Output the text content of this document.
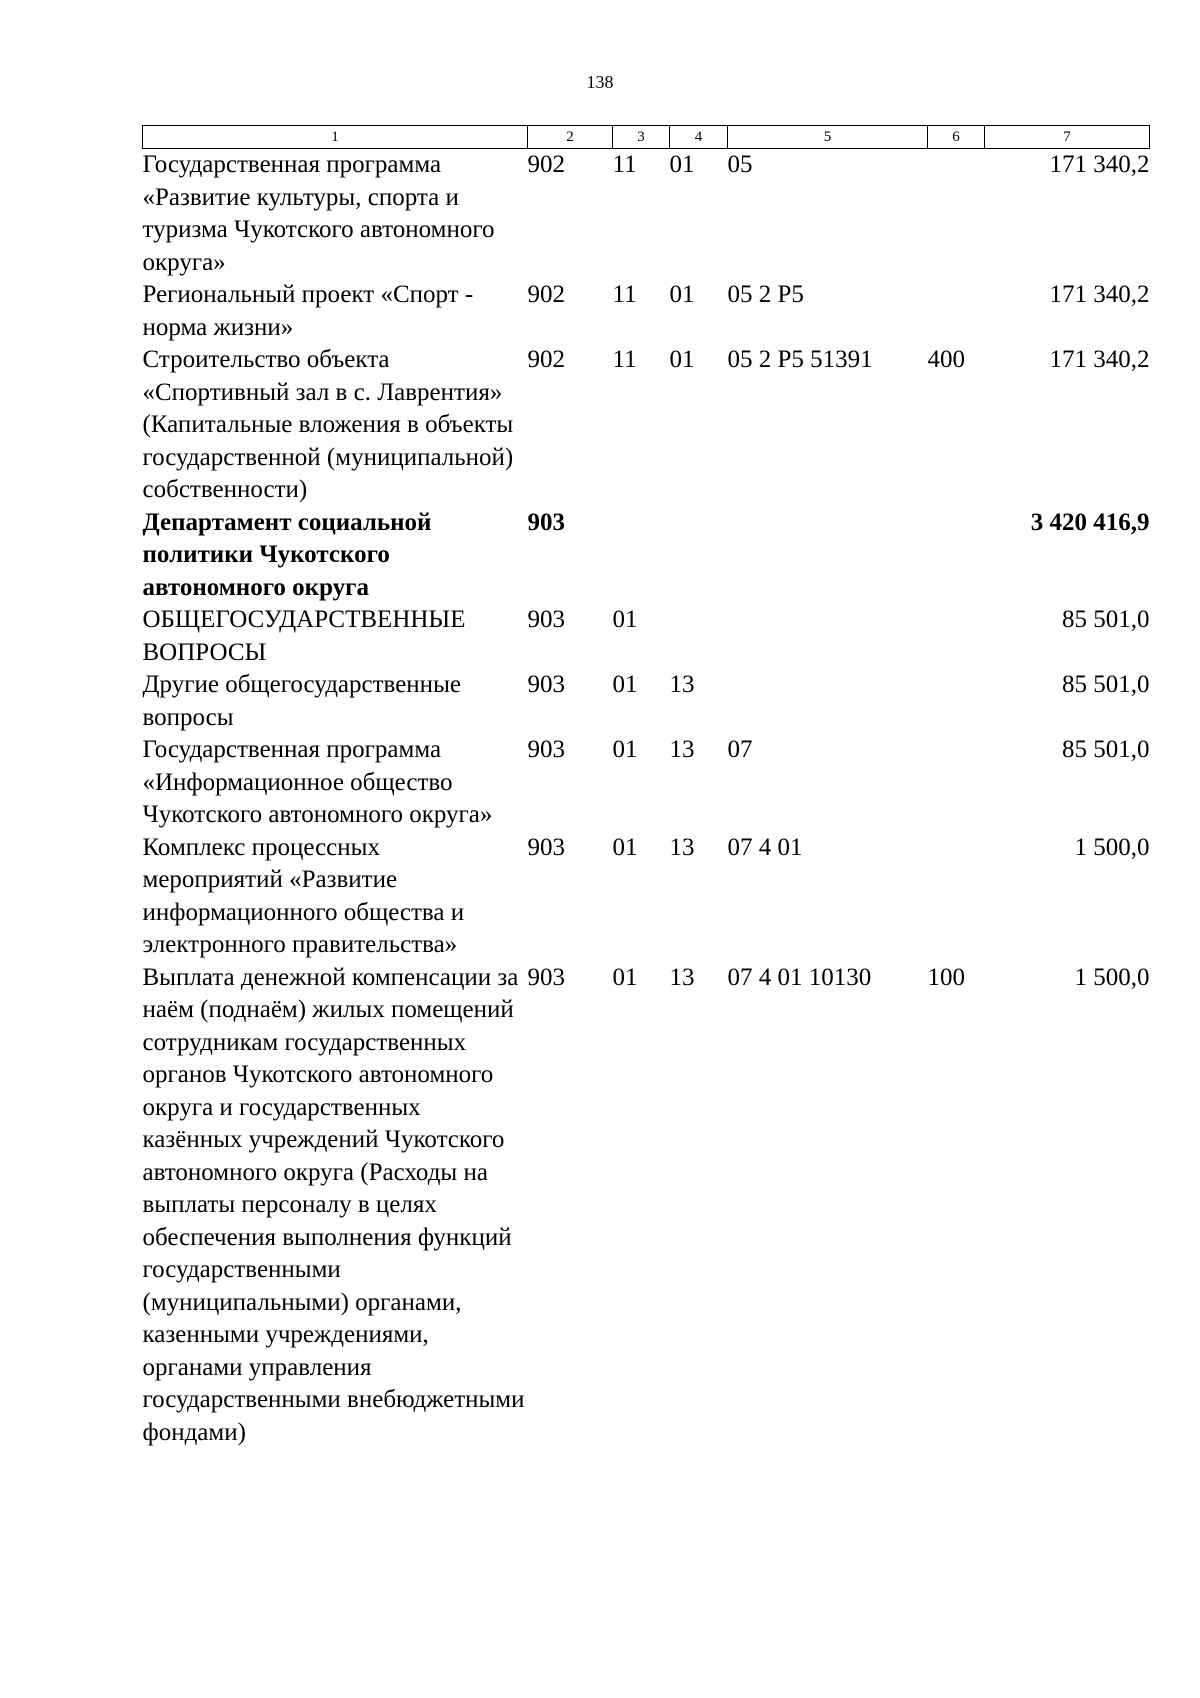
138
1	2	3	4	5	6	7
Государственная программа «Развитие культуры, спорта и туризма Чукотского автономного округа»	902	11	01	05		171 340,2
Региональный проект «Спорт - норма жизни»	902	11	01	05 2 P5		171 340,2
Строительство объекта «Спортивный зал в с. Лаврентия» (Капитальные вложения в объекты государственной (муниципальной) собственности)	902	11	01	05 2 P5 51391	400	171 340,2
Департамент социальной политики Чукотского автономного округа	903					3 420 416,9
ОБЩЕГОСУДАРСТВЕННЫЕ ВОПРОСЫ	903	01				85 501,0
Другие общегосударственные вопросы	903	01	13			85 501,0
Государственная программа «Информационное общество Чукотского автономного округа»	903	01	13	07		85 501,0
Комплекс процессных мероприятий «Развитие информационного общества и электронного правительства»	903	01	13	07 4 01		1 500,0
Выплата денежной компенсации за наём (поднаём) жилых помещений сотрудникам государственных органов Чукотского автономного округа и государственных казённых учреждений Чукотского автономного округа (Расходы на выплаты персоналу в целях обеспечения выполнения функций государственными (муниципальными) органами, казенными учреждениями, органами управления государственными внебюджетными фондами)	903	01	13	07 4 01 10130	100	1 500,0
